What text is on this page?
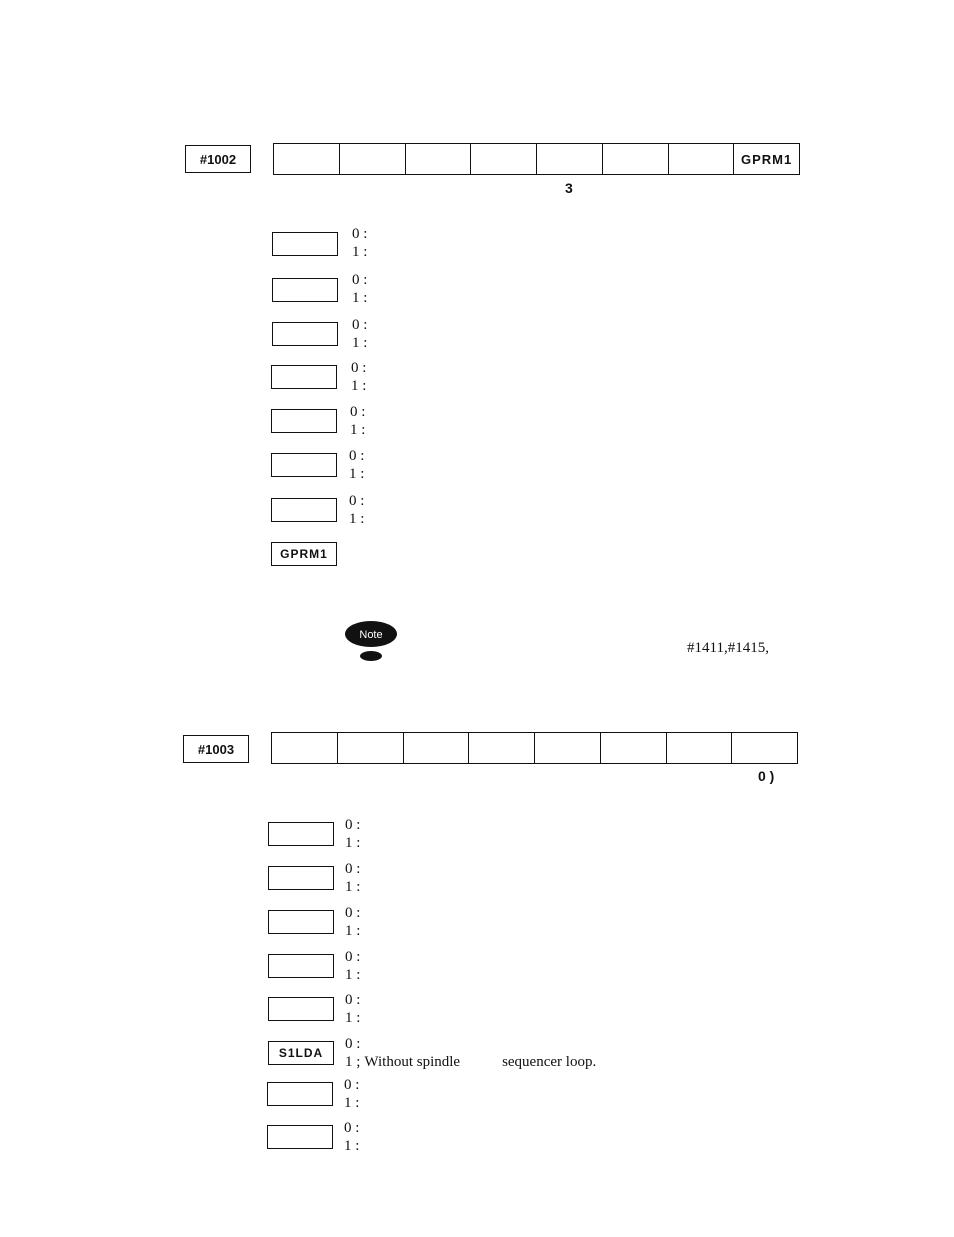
#1002	GPRM1
3
0 :
1 :
0 :
1 :
0 :
1 :
0 :
1 :
0 :
1 :
0 :
1 :
0 :
1 :
GPRM1

Note
#1411,#1415,
#1003
0 )
0 :
1 :
0 :
1 :
0 :
1 :
0 :
1 :
0 :
1 :
S1LDA
0 :
1 ; Without spindle	sequencer loop.
0 :
1 :
0 :
1 :
